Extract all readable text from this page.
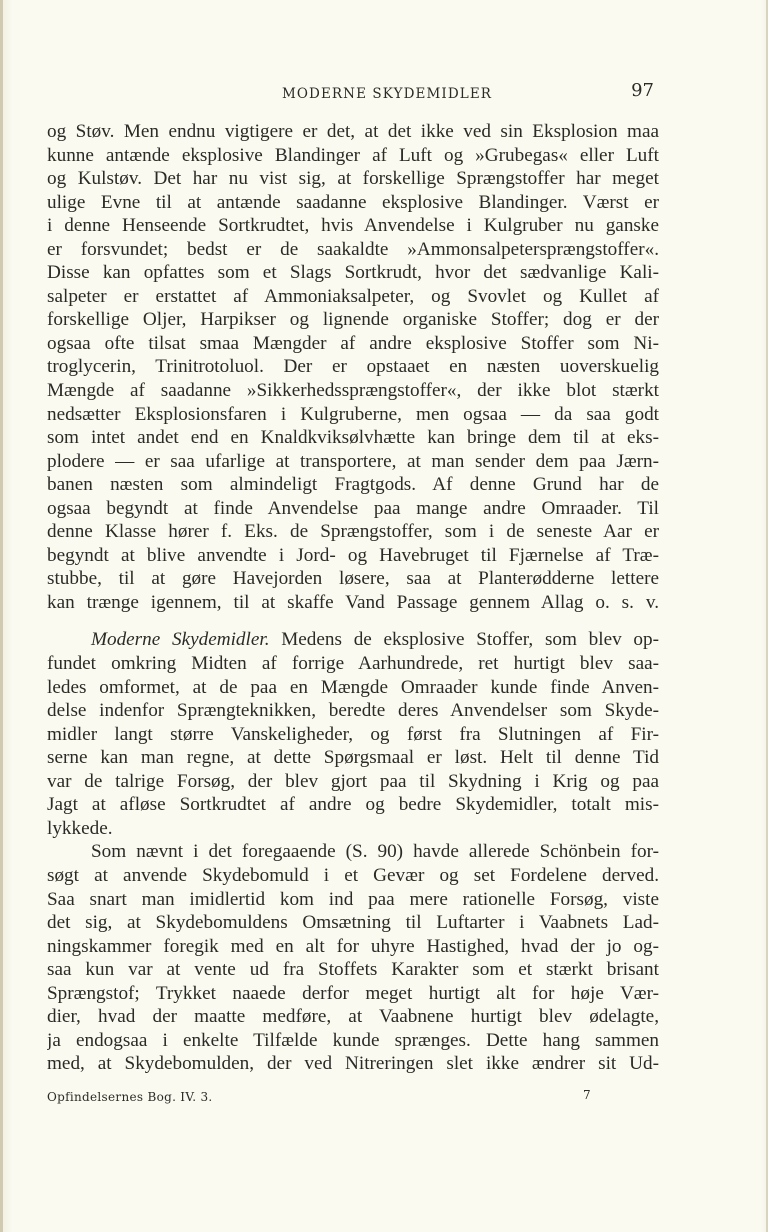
MODERNE SKYDEMIDLER	97
og Støv. Men endnu vigtigere er det, at det ikke ved sin Eksplosion maa
kunne antænde eksplosive Blandinger af Luft og »Grubegas« eller Luft
og Kulstøv. Det har nu vist sig, at forskellige Sprængstoffer har meget
ulige Evne til at antænde saadanne eksplosive Blandinger. Værst er
i denne Henseende Sortkrudtet, hvis Anvendelse i Kulgruber nu ganske
er forsvundet; bedst er de saakaldte »Ammonsalpetersprængstoffer«.
Disse kan opfattes som et Slags Sortkrudt, hvor det sædvanlige Kali-
salpeter er erstattet af Ammoniaksalpeter, og Svovlet og Kullet af
forskellige Oljer, Harpikser og lignende organiske Stoffer; dog er der
ogsaa ofte tilsat smaa Mængder af andre eksplosive Stoffer som Ni-
troglycerin, Trinitrotoluol. Der er opstaaet en næsten uoverskuelig
Mængde af saadanne »Sikkerhedssprængstoffer«, der ikke blot stærkt
nedsætter Eksplosionsfaren i Kulgruberne, men ogsaa — da saa godt
som intet andet end en Knaldkviksølvhætte kan bringe dem til at eks-
plodere — er saa ufarlige at transportere, at man sender dem paa Jærn-
banen næsten som almindeligt Fragtgods. Af denne Grund har de
ogsaa begyndt at finde Anvendelse paa mange andre Omraader. Til
denne Klasse hører f. Eks. de Sprængstoffer, som i de seneste Aar er
begyndt at blive anvendte i Jord- og Havebruget til Fjærnelse af Træ-
stubbe, til at gøre Havejorden løsere, saa at Planterødderne lettere
kan trænge igennem, til at skaffe Vand Passage gennem Allag o. s. v.
Moderne Skydemidler. Medens de eksplosive Stoffer, som blev op-
fundet omkring Midten af forrige Aarhundrede, ret hurtigt blev saa-
ledes omformet, at de paa en Mængde Omraader kunde finde Anven-
delse indenfor Sprængteknikken, beredte deres Anvendelser som Skyde-
midler langt større Vanskeligheder, og først fra Slutningen af Fir-
serne kan man regne, at dette Spørgsmaal er løst. Helt til denne Tid
var de talrige Forsøg, der blev gjort paa til Skydning i Krig og paa
Jagt at afløse Sortkrudtet af andre og bedre Skydemidler, totalt mis-
lykkede.
Som nævnt i det foregaaende (S. 90) havde allerede Schönbein for-
søgt at anvende Skydebomuld i et Gevær og set Fordelene derved.
Saa snart man imidlertid kom ind paa mere rationelle Forsøg, viste
det sig, at Skydebomuldens Omsætning til Luftarter i Vaabnets Lad-
ningskammer foregik med en alt for uhyre Hastighed, hvad der jo og-
saa kun var at vente ud fra Stoffets Karakter som et stærkt brisant
Sprængstof; Trykket naaede derfor meget hurtigt alt for høje Vær-
dier, hvad der maatte medføre, at Vaabnene hurtigt blev ødelagte,
ja endogsaa i enkelte Tilfælde kunde sprænges. Dette hang sammen
med, at Skydebomulden, der ved Nitreringen slet ikke ændrer sit Ud-
Opfindelsernes Bog. IV. 3.	7
